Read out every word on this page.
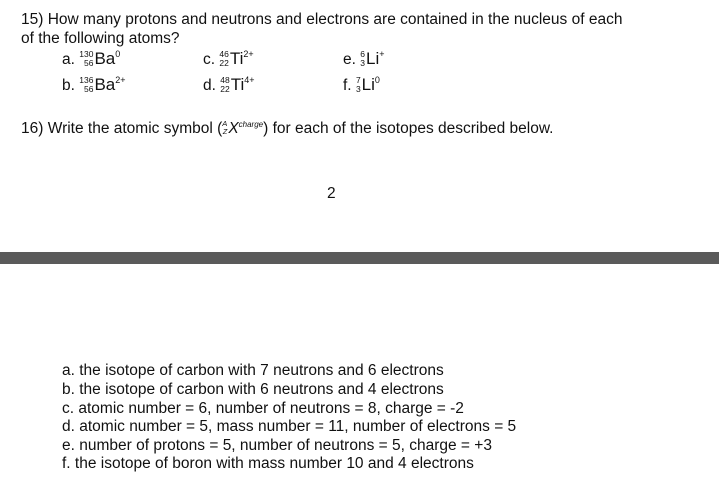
15) How many protons and neutrons and electrons are contained in the nucleus of each
of the following atoms?
a. 130
56 Ba$^0$
b. 136
56 $Ba^{2+}$
c. 46
22 $Ti^{2+}$
d. 48
22 $Ti^{4+}$
e. 6
3 Li+
f. 7
3 Li$^0$
16) Write the atomic symbol ( A
Z $X^{charge}$) for each of the isotopes described below.
2
a. the isotope of carbon with 7 neutrons and 6 electrons
b. the isotope of carbon with 6 neutrons and 4 electrons
c. atomic number = 6, number of neutrons = 8, charge = -2
d. atomic number = 5, mass number = 11, number of electrons = 5
e. number of protons = 5, number of neutrons = 5, charge = +3
f. the isotope of boron with mass number 10 and 4 electrons
